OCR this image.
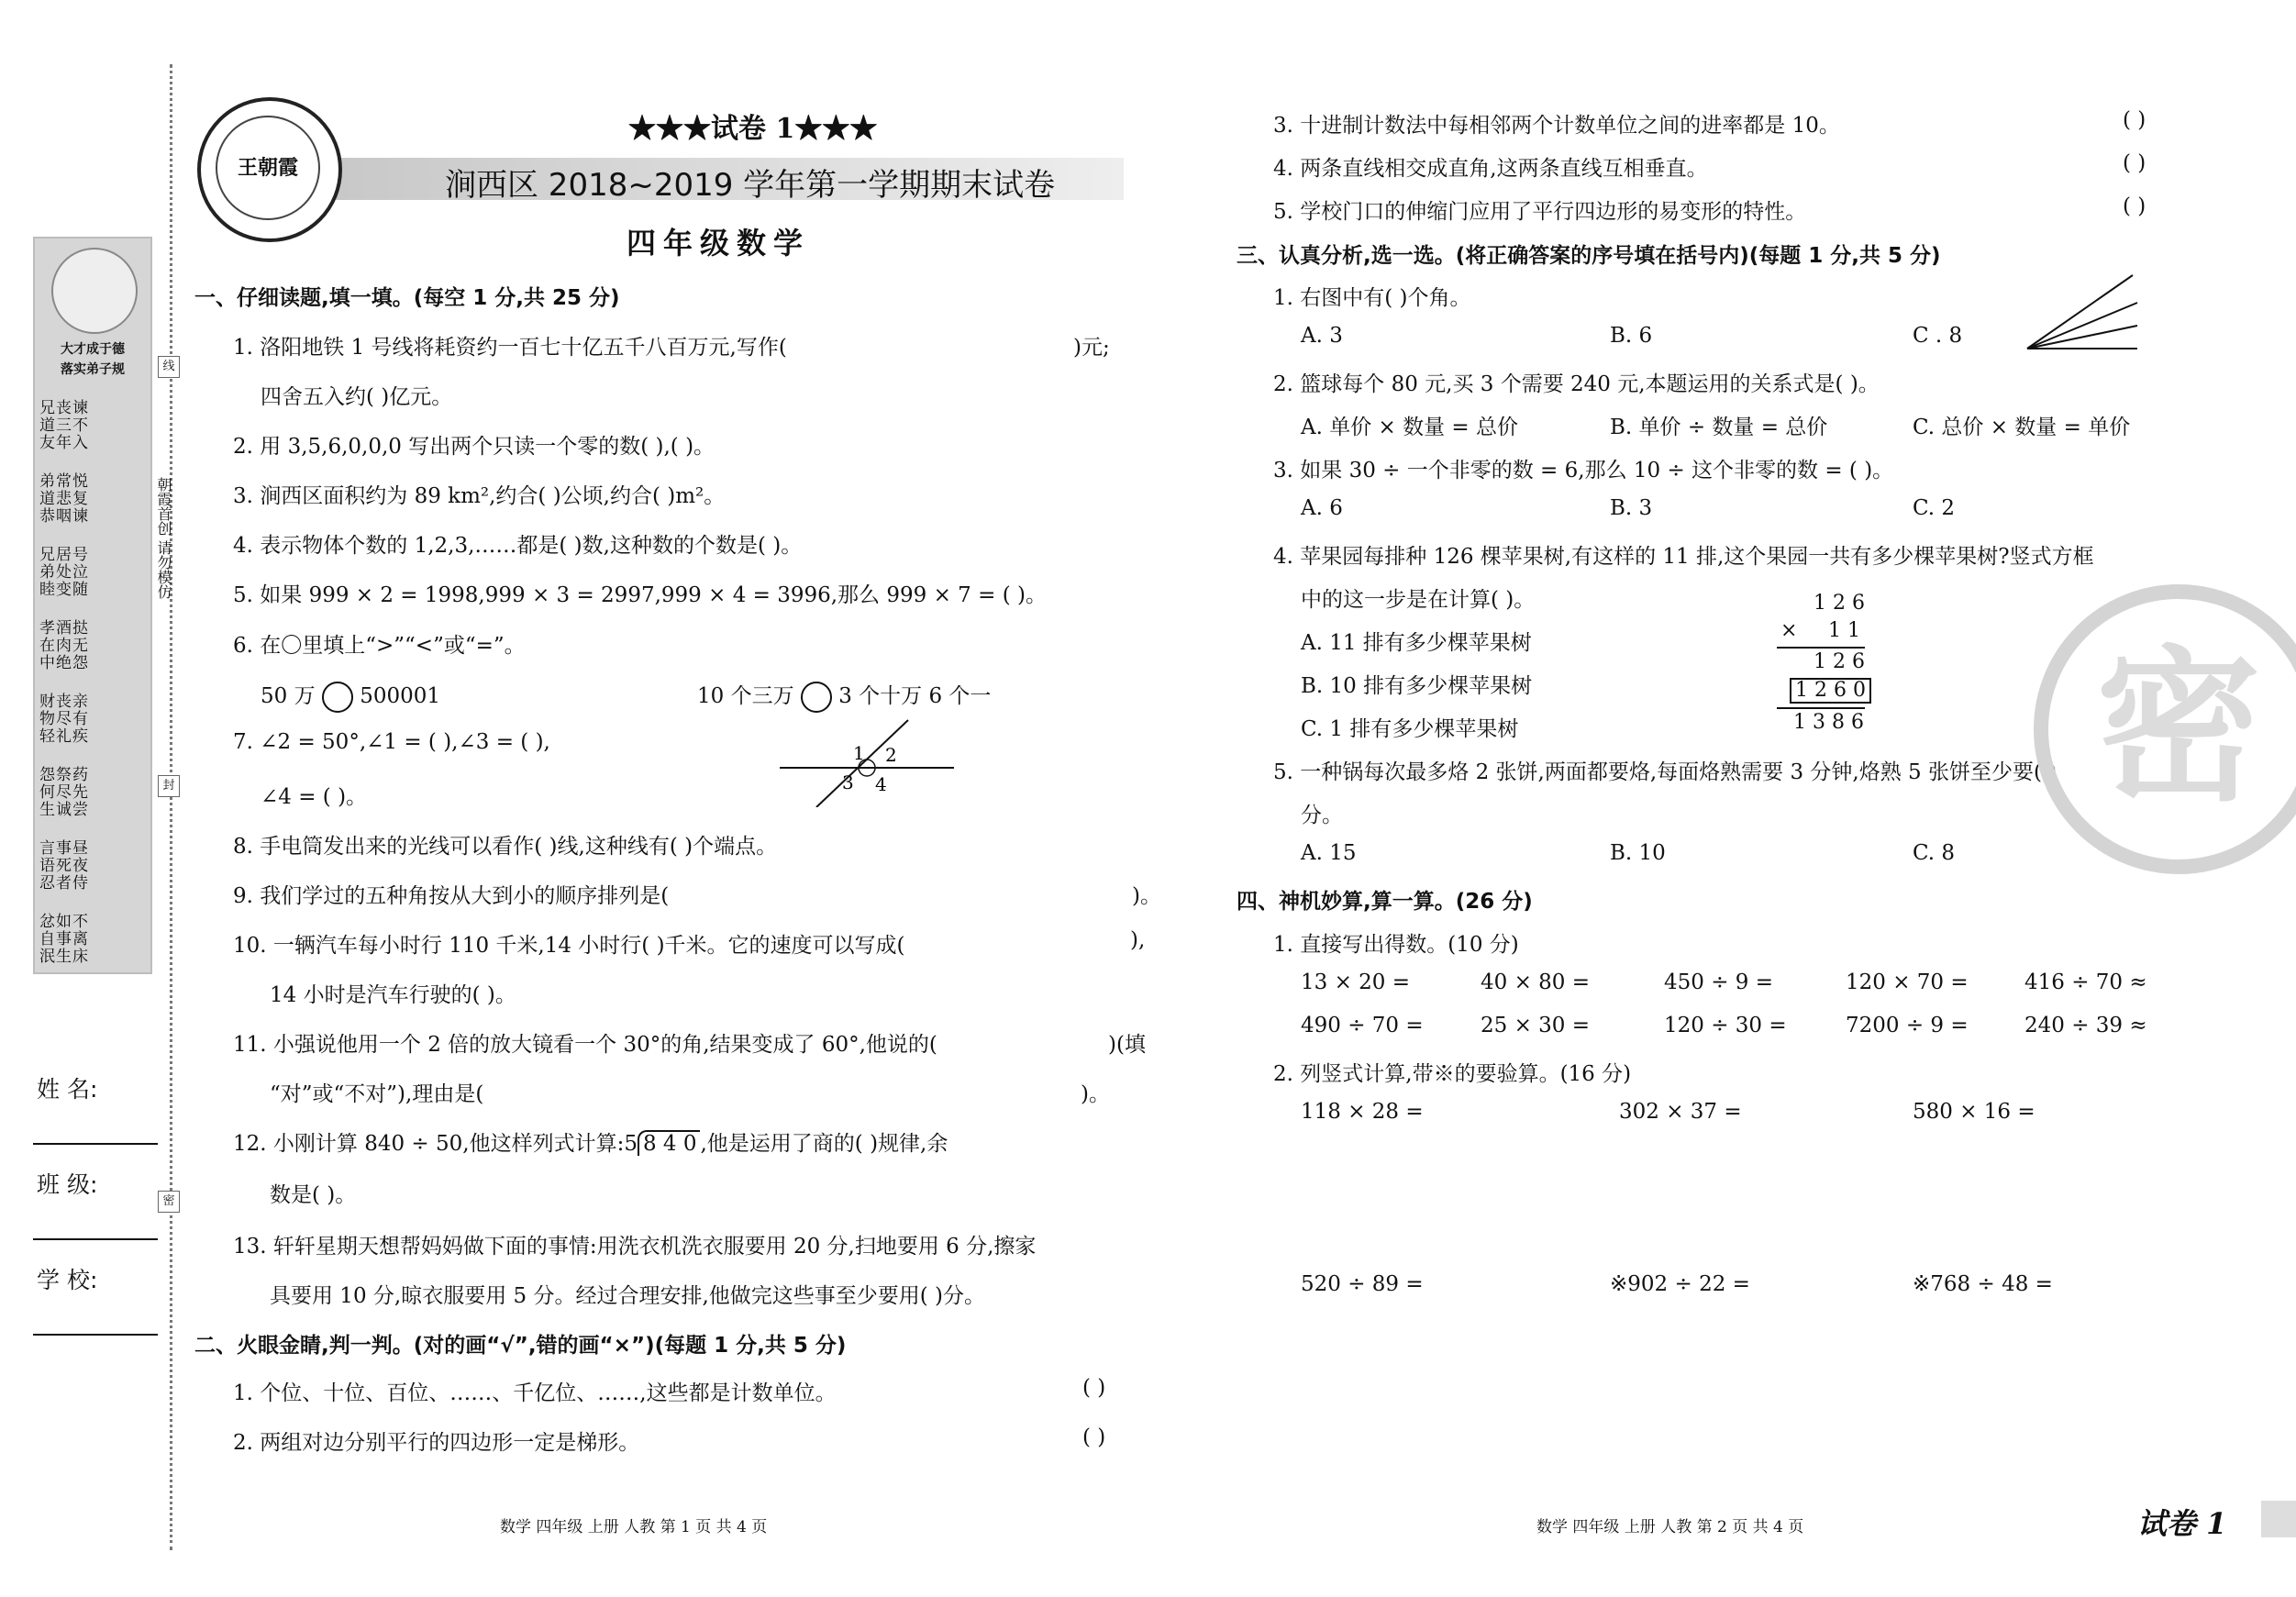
线
封
密
朝霞首创 请勿模仿
大才成于德
落实弟子规
兄道友
丧三年
谏不入
弟道恭
常悲咽
悦复谏
兄弟睦
居处变
号泣随
孝在中
酒肉绝
挞无怨
财物轻
丧尽礼
亲有疾
怨何生
祭尽诚
药先尝
言语忍
事死者
昼夜侍
忿自泯
如事生
不离床
姓 名:
班 级:
学 校:
王朝霞
★★★试卷 1★★★
涧西区 2018~2019 学年第一学期期末试卷
四年级数学
一、仔细读题,填一填。(每空 1 分,共 25 分)
1. 洛阳地铁 1 号线将耗资约一百七十亿五千八百万元,写作(	)元;
四舍五入约( )亿元。
2. 用 3,5,6,0,0,0 写出两个只读一个零的数( ),( )。
3. 涧西区面积约为 89 km²,约合( )公顷,约合( )m²。
4. 表示物体个数的 1,2,3,……都是( )数,这种数的个数是( )。
5. 如果 999 × 2 = 1998,999 × 3 = 2997,999 × 4 = 3996,那么 999 × 7 = ( )。
6. 在〇里填上“>”“<”或“=”。
50 万 500001	10 个三万 3 个十万 6 个一
7. ∠2 = 50°,∠1 = ( ),∠3 = ( ),
∠4 = ( )。
1 2
3 4
8. 手电筒发出来的光线可以看作( )线,这种线有( )个端点。
9. 我们学过的五种角按从大到小的顺序排列是(	)。
10. 一辆汽车每小时行 110 千米,14 小时行( )千米。它的速度可以写成(	),
14 小时是汽车行驶的( )。
11. 小强说他用一个 2 倍的放大镜看一个 30°的角,结果变成了 60°,他说的(	)(填
“对”或“不对”),理由是(	)。
12. 小刚计算 840 ÷ 50,他这样列式计算:5 8 4 0 ,他是运用了商的( )规律,余
数是( )。
13. 轩轩星期天想帮妈妈做下面的事情:用洗衣机洗衣服要用 20 分,扫地要用 6 分,擦家
具要用 10 分,晾衣服要用 5 分。经过合理安排,他做完这些事至少要用( )分。
二、火眼金睛,判一判。(对的画“√”,错的画“×”)(每题 1 分,共 5 分)
1. 个位、十位、百位、……、千亿位、……,这些都是计数单位。	( )
2. 两组对边分别平行的四边形一定是梯形。	( )
数学 四年级 上册 人教 第 1 页 共 4 页
3. 十进制计数法中每相邻两个计数单位之间的进率都是 10。	( )
4. 两条直线相交成直角,这两条直线互相垂直。	( )
5. 学校门口的伸缩门应用了平行四边形的易变形的特性。	( )
三、认真分析,选一选。(将正确答案的序号填在括号内)(每题 1 分,共 5 分)
1. 右图中有( )个角。
A. 3	B. 6	C . 8
2. 篮球每个 80 元,买 3 个需要 240 元,本题运用的关系式是( )。
A. 单价 × 数量 = 总价	B. 单价 ÷ 数量 = 总价	C. 总价 × 数量 = 单价
3. 如果 30 ÷ 一个非零的数 = 6,那么 10 ÷ 这个非零的数 = ( )。
A. 6	B. 3	C. 2
4. 苹果园每排种 126 棵苹果树,有这样的 11 排,这个果园一共有多少棵苹果树?竖式方框
中的这一步是在计算( )。
A. 11 排有多少棵苹果树
B. 10 排有多少棵苹果树
C. 1 排有多少棵苹果树
1 2 6
× 1 1
1 2 6
1 2 6 0
1 3 8 6
5. 一种锅每次最多烙 2 张饼,两面都要烙,每面烙熟需要 3 分钟,烙熟 5 张饼至少要( )
分。
A. 15	B. 10	C. 8
四、神机妙算,算一算。(26 分)
1. 直接写出得数。(10 分)
13 × 20 =	40 × 80 =	450 ÷ 9 =	120 × 70 =	416 ÷ 70 ≈
490 ÷ 70 =	25 × 30 =	120 ÷ 30 =	7200 ÷ 9 =	240 ÷ 39 ≈
2. 列竖式计算,带※的要验算。(16 分)
118 × 28 =	302 × 37 =	580 × 16 =
520 ÷ 89 =	※902 ÷ 22 =	※768 ÷ 48 =
密
数学 四年级 上册 人教 第 2 页 共 4 页	试卷 1
